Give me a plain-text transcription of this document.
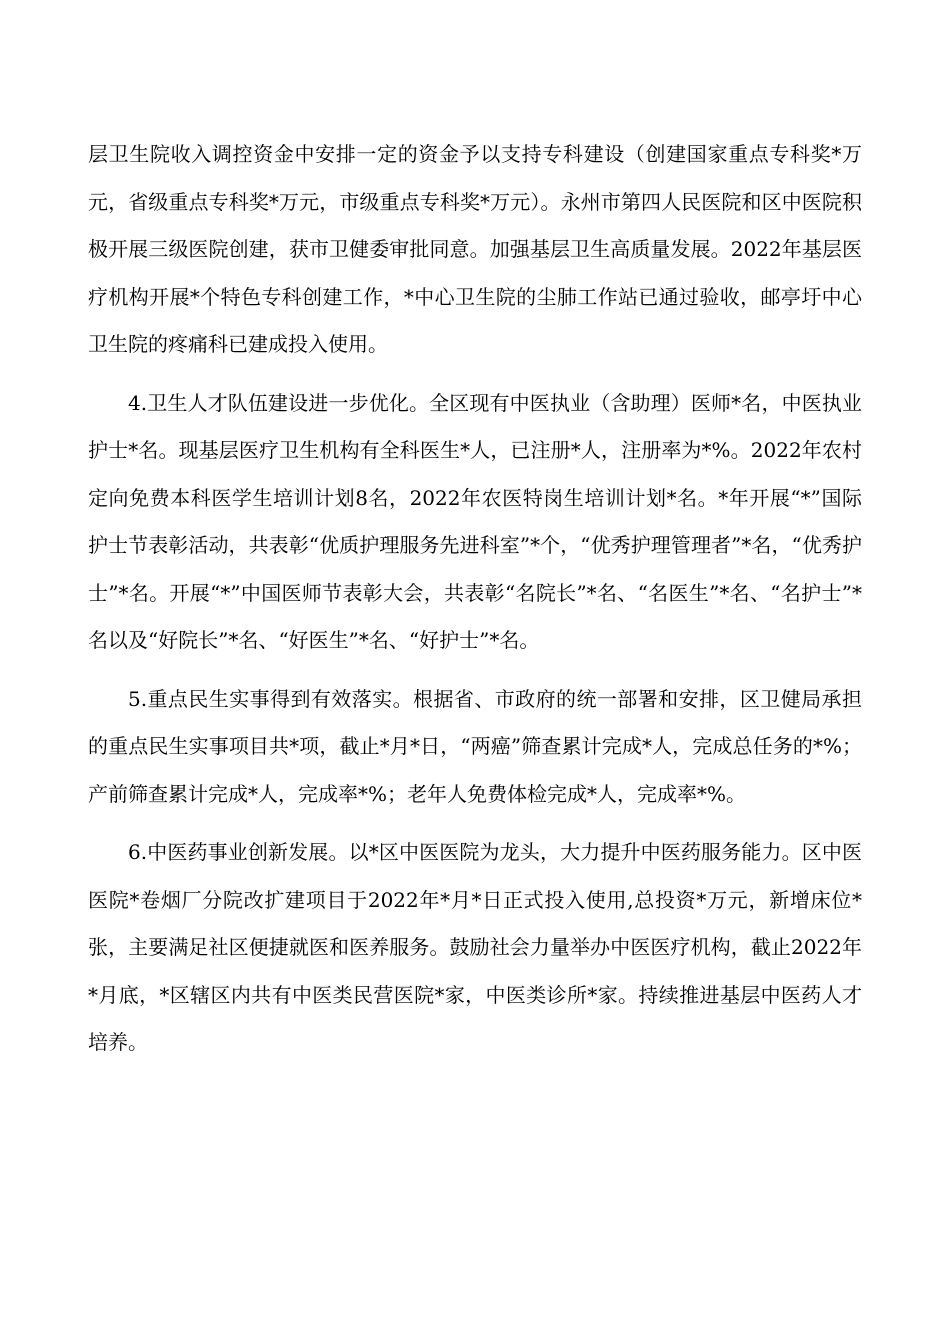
层卫生院收入调控资金中安排一定的资金予以支持专科建设（创建国家重点专科奖*万元，省级重点专科奖*万元，市级重点专科奖*万元）。永州市第四人民医院和区中医院积极开展三级医院创建，获市卫健委审批同意。加强基层卫生高质量发展。2022年基层医疗机构开展*个特色专科创建工作，*中心卫生院的尘肺工作站已通过验收，邮亭圩中心卫生院的疼痛科已建成投入使用。

4.卫生人才队伍建设进一步优化。全区现有中医执业（含助理）医师*名，中医执业护士*名。现基层医疗卫生机构有全科医生*人，已注册*人，注册率为*%。2022年农村定向免费本科医学生培训计划8名，2022年农医特岗生培训计划*名。*年开展“*”国际护士节表彰活动，共表彰“优质护理服务先进科室”*个，“优秀护理管理者”*名，“优秀护士”*名。开展“*”中国医师节表彰大会，共表彰“名院长”*名、“名医生”*名、“名护士”*名以及“好院长”*名、“好医生”*名、“好护士”*名。

5.重点民生实事得到有效落实。根据省、市政府的统一部署和安排，区卫健局承担的重点民生实事项目共*项，截止*月*日，“两癌”筛查累计完成*人，完成总任务的*%；产前筛查累计完成*人，完成率*%；老年人免费体检完成*人，完成率*%。

6.中医药事业创新发展。以*区中医医院为龙头，大力提升中医药服务能力。区中医医院*卷烟厂分院改扩建项目于2022年*月*日正式投入使用,总投资*万元，新增床位*张，主要满足社区便捷就医和医养服务。鼓励社会力量举办中医医疗机构，截止2022年*月底，*区辖区内共有中医类民营医院*家，中医类诊所*家。持续推进基层中医药人才培养。
